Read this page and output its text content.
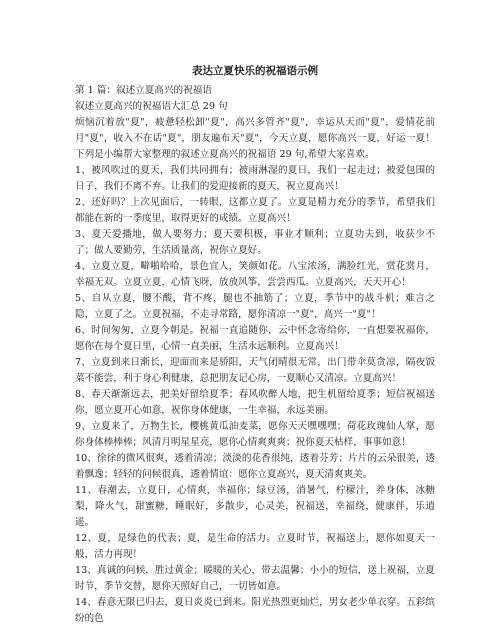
表达立夏快乐的祝福语示例

第 1 篇：叙述立夏高兴的祝福语

叙述立夏高兴的祝福语大汇总 29 句

烦恼沉着放"夏"，疲惫轻松卸"夏"，高兴多管齐"夏"，幸运从天而"夏"，爱情花前月"夏"，收入不在话"夏"，朋友遍布天"夏"，今天立夏，愿你高兴一夏，好运一夏！下列是小编帮大家整理的叙述立夏高兴的祝福语 29 句,希望大家喜欢。

1、被风吹过的夏天，我们共同拥有；被雨淋湿的夏日，我们一起走过；被爱包围的日子，我们不离不弃。让我们的爱迎接新的夏天，祝立夏高兴！

2、还好吗？上次见面后，一转眼，这都立夏了。立夏是精力充分的季节，希望我们都能在新的一季度里，取得更好的成绩。立夏高兴！

3、夏天爱播地，做人要努力；夏天要积极，事业才顺利；立夏功夫到，收获少不了；做人要勤劳，生活质量高，祝你立夏好。

4、立夏立夏，噼啪哈哈，景色宜人，笑颜如花。八宝浓汤，满脸红光，赏花赏月，幸福无双。立夏立夏，心情飞呀，放放风筝，尝尝西瓜。立夏高兴，天天开心！

5、自从立夏，腰不酸，背不疼，腿也不抽筋了；立夏，季节中的战斗机；难言之隐，立夏了之。立夏祝福，不走寻常路，愿你清凉一"夏"，高兴一"夏"！

6、时间匆匆，立夏今朝是。祝福一直追随你，云中怀念寄给你，一直想要祝福你，愿你在每个夏日里，心情一直美丽，生活永远顺利。立夏高兴！

7、立夏到来日渐长，迎面而来是骄阳，天气闭晴很无常，出门带伞莫贪凉，隔夜饭菜不能尝，利于身心利健康，总把朋友记心房，一夏顺心又清凉。立夏高兴！

8、春天渐渐远去，把美好留给夏季；春风吹醉人地，把生机留给夏季；短信祝福送你，愿立夏开心如意，祝你身体健康，一生幸福，永远美丽。

9、立夏来了，万物生长，樱桃黄瓜油麦菜，愿你天天嘿嘿嘿；荷花玫瑰仙人掌，愿你身体棒棒棒；风清月明星星亮，愿你心情爽爽爽；祝你夏天枯样，事事如意！

10、徐徐的微风很爽，透着清凉；淡淡的花香很纯，透着芬芳；片片的云朵很美，透着飘逸；轻轻的问候很真，透着情谊：愿你立夏高兴，夏天清爽爽美。

11、春潮去，立夏日，心情爽，幸福你；绿豆汤，消暑气，柠檬汁，养身体，冰糖梨，降火气，甜蜜糖，睡眠好，多散步，心灵美，祝福送，幸福绕，健康伴，乐逍遥。

12、夏，是绿色的代表；夏，是生命的活力。立夏时节，祝福送上，愿你如夏天一般，活力再现！

13、真诚的问候，胜过黄金；暖暖的关心，带去温馨；小小的短信，送上祝福，立夏时节，季节交替，愿你天照好自己，一切皆如意。

14、春意无限已归去，夏日炎炎已到来。阳光热烈更灿烂，男女老少单衣穿。五彩缤纷的色
